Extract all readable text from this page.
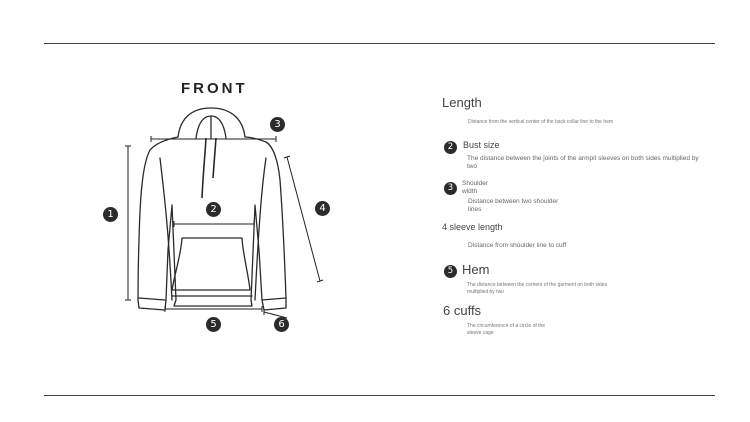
FRONT
1	2
3
4
5	6
Length
Distance from the vertical center of the back collar line to the hem
2	Bust size
The distance between the joints of the armpit sleeves on both sides multiplied by two
3	Shoulder width
Distance between two shoulder lines
4 sleeve length
Distance from shoulder line to cuff
5 Hem
The distance between the corners of the garment on both sides multiplied by two
6 cuffs
The circumference of a circle of the sleeve cage
